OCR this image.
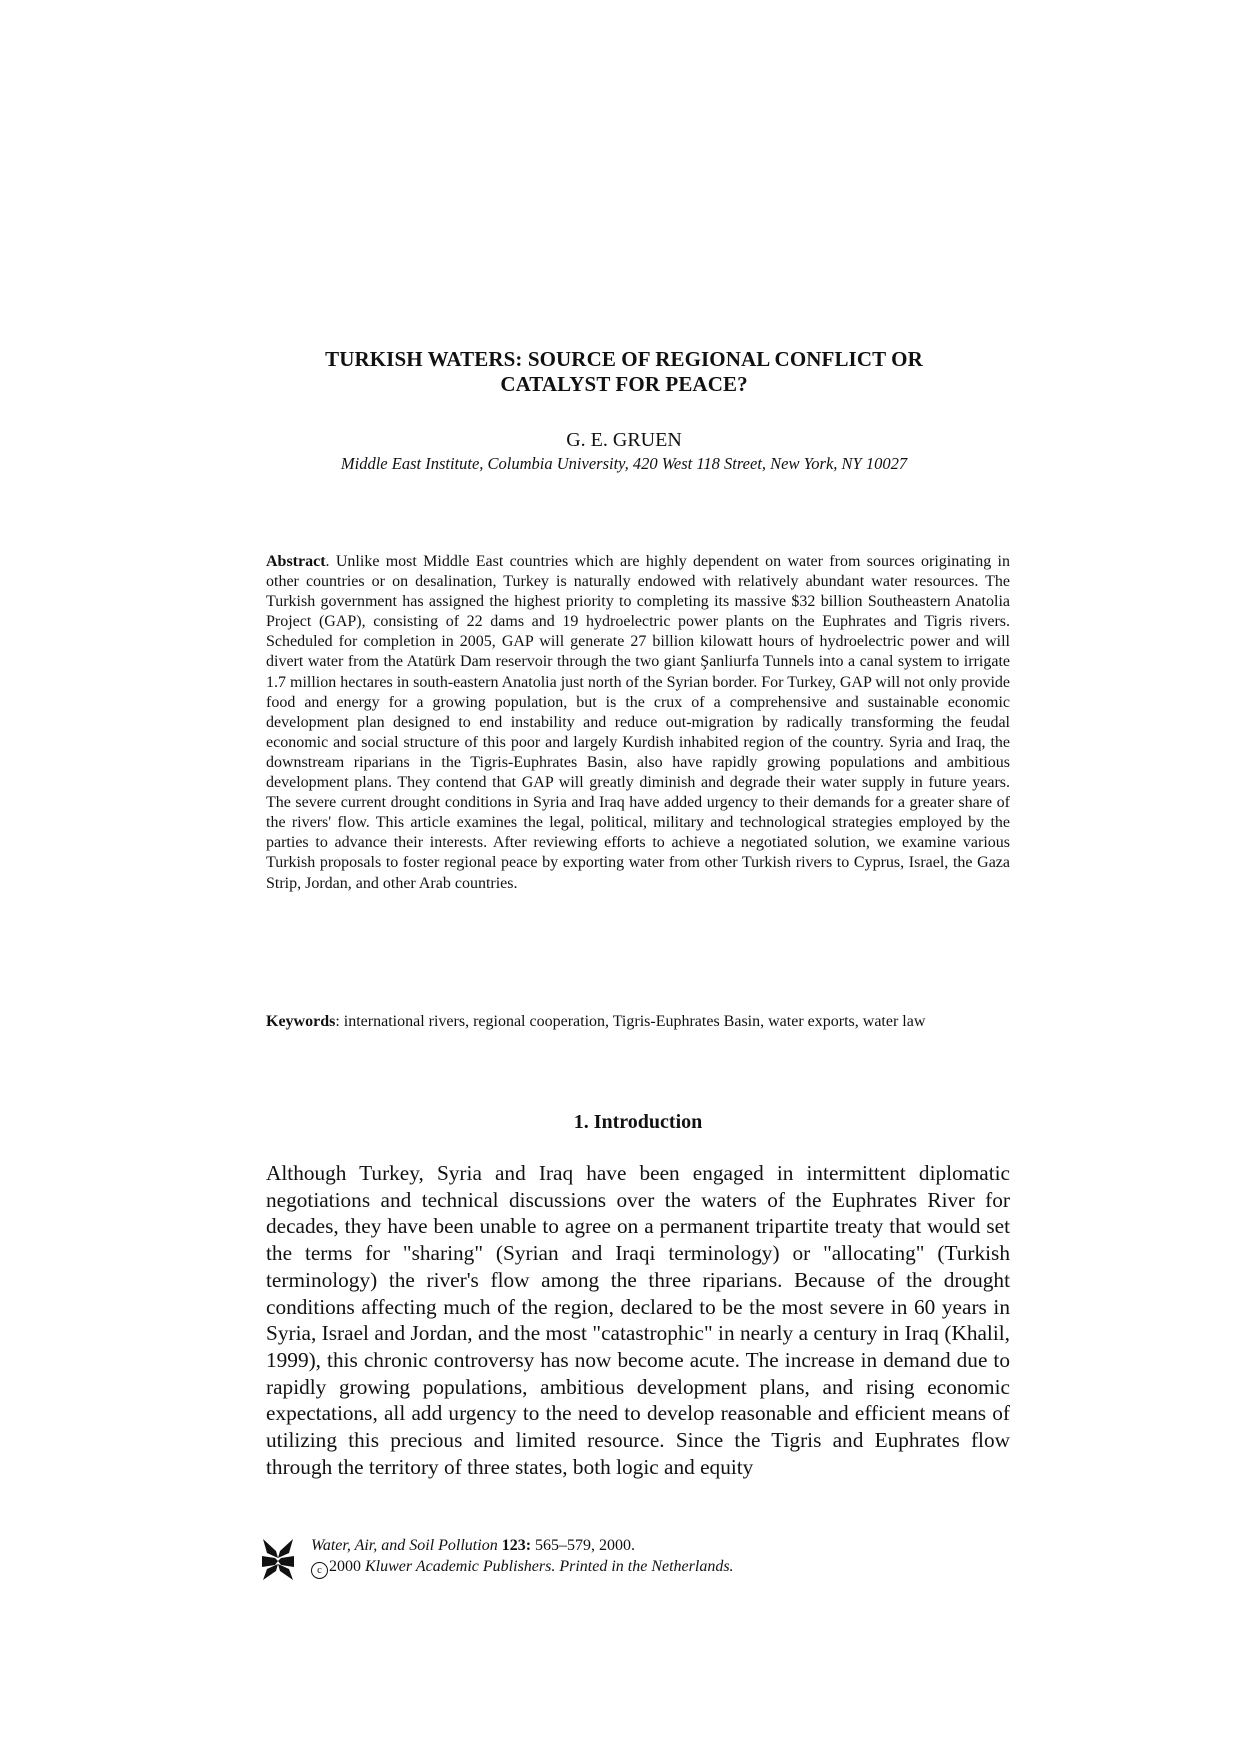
TURKISH WATERS: SOURCE OF REGIONAL CONFLICT OR
CATALYST FOR PEACE?
G. E. GRUEN
Middle East Institute, Columbia University, 420 West 118 Street, New York, NY 10027
Abstract. Unlike most Middle East countries which are highly dependent on water from sources originating in other countries or on desalination, Turkey is naturally endowed with relatively abundant water resources. The Turkish government has assigned the highest priority to completing its massive $32 billion Southeastern Anatolia Project (GAP), consisting of 22 dams and 19 hydroelectric power plants on the Euphrates and Tigris rivers. Scheduled for completion in 2005, GAP will generate 27 billion kilowatt hours of hydroelectric power and will divert water from the Atatürk Dam reservoir through the two giant Şanliurfa Tunnels into a canal system to irrigate 1.7 million hectares in south-eastern Anatolia just north of the Syrian border. For Turkey, GAP will not only provide food and energy for a growing population, but is the crux of a comprehensive and sustainable economic development plan designed to end instability and reduce out-migration by radically transforming the feudal economic and social structure of this poor and largely Kurdish inhabited region of the country. Syria and Iraq, the downstream riparians in the Tigris-Euphrates Basin, also have rapidly growing populations and ambitious development plans. They contend that GAP will greatly diminish and degrade their water supply in future years. The severe current drought conditions in Syria and Iraq have added urgency to their demands for a greater share of the rivers' flow. This article examines the legal, political, military and technological strategies employed by the parties to advance their interests. After reviewing efforts to achieve a negotiated solution, we examine various Turkish proposals to foster regional peace by exporting water from other Turkish rivers to Cyprus, Israel, the Gaza Strip, Jordan, and other Arab countries.
Keywords: international rivers, regional cooperation, Tigris-Euphrates Basin, water exports, water law
1. Introduction
Although Turkey, Syria and Iraq have been engaged in intermittent diplomatic negotiations and technical discussions over the waters of the Euphrates River for decades, they have been unable to agree on a permanent tripartite treaty that would set the terms for "sharing" (Syrian and Iraqi terminology) or "allocating" (Turkish terminology) the river's flow among the three riparians. Because of the drought conditions affecting much of the region, declared to be the most severe in 60 years in Syria, Israel and Jordan, and the most "catastrophic" in nearly a century in Iraq (Khalil, 1999), this chronic controversy has now become acute. The increase in demand due to rapidly growing populations, ambitious development plans, and rising economic expectations, all add urgency to the need to develop reasonable and efficient means of utilizing this precious and limited resource. Since the Tigris and Euphrates flow through the territory of three states, both logic and equity
Water, Air, and Soil Pollution 123: 565–579, 2000.
c 2000 Kluwer Academic Publishers. Printed in the Netherlands.
